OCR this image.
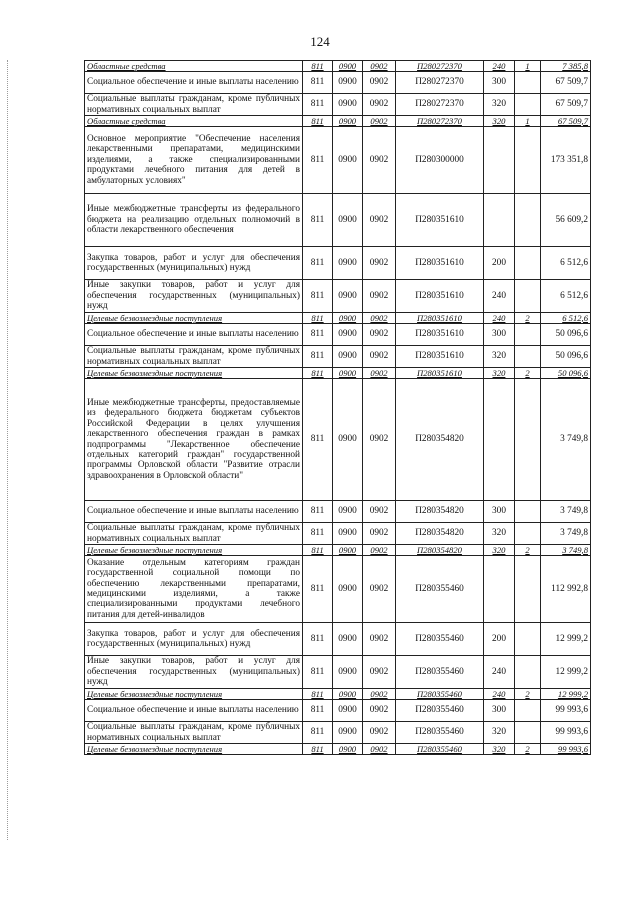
124
Областные средства	811	0900	0902	П280272370	240	1	7 385,8
Социальное обеспечение и иные выплаты населению	811	0900	0902	П280272370	300		67 509,7
Социальные выплаты гражданам, кроме публичных нормативных социальных выплат	811	0900	0902	П280272370	320		67 509,7
Областные средства	811	0900	0902	П280272370	320	1	67 509,7
Основное мероприятие "Обеспечение населения лекарственными препаратами, медицинскими изделиями, а также специализированными продуктами лечебного питания для детей в амбулаторных условиях"	811	0900	0902	П280300000			173 351,8
Иные межбюджетные трансферты из федерального бюджета на реализацию отдельных полномочий в области лекарственного обеспечения	811	0900	0902	П280351610			56 609,2
Закупка товаров, работ и услуг для обеспечения государственных (муниципальных) нужд	811	0900	0902	П280351610	200		6 512,6
Иные закупки товаров, работ и услуг для обеспечения государственных (муниципальных) нужд	811	0900	0902	П280351610	240		6 512,6
Целевые безвозмездные поступления	811	0900	0902	П280351610	240	2	6 512,6
Социальное обеспечение и иные выплаты населению	811	0900	0902	П280351610	300		50 096,6
Социальные выплаты гражданам, кроме публичных нормативных социальных выплат	811	0900	0902	П280351610	320		50 096,6
Целевые безвозмездные поступления	811	0900	0902	П280351610	320	2	50 096,6
Иные межбюджетные трансферты, предоставляемые из федерального бюджета бюджетам субъектов Российской Федерации в целях улучшения лекарственного обеспечения граждан в рамках подпрограммы "Лекарственное обеспечение отдельных категорий граждан" государственной программы Орловской области "Развитие отрасли здравоохранения в Орловской области"	811	0900	0902	П280354820			3 749,8
Социальное обеспечение и иные выплаты населению	811	0900	0902	П280354820	300		3 749,8
Социальные выплаты гражданам, кроме публичных нормативных социальных выплат	811	0900	0902	П280354820	320		3 749,8
Целевые безвозмездные поступления	811	0900	0902	П280354820	320	2	3 749,8
Оказание отдельным категориям граждан государственной социальной помощи по обеспечению лекарственными препаратами, медицинскими изделиями, а также специализированными продуктами лечебного питания для детей-инвалидов	811	0900	0902	П280355460			112 992,8
Закупка товаров, работ и услуг для обеспечения государственных (муниципальных) нужд	811	0900	0902	П280355460	200		12 999,2
Иные закупки товаров, работ и услуг для обеспечения государственных (муниципальных) нужд	811	0900	0902	П280355460	240		12 999,2
Целевые безвозмездные поступления	811	0900	0902	П280355460	240	2	12 999,2
Социальное обеспечение и иные выплаты населению	811	0900	0902	П280355460	300		99 993,6
Социальные выплаты гражданам, кроме публичных нормативных социальных выплат	811	0900	0902	П280355460	320		99 993,6
Целевые безвозмездные поступления	811	0900	0902	П280355460	320	2	99 993,6
